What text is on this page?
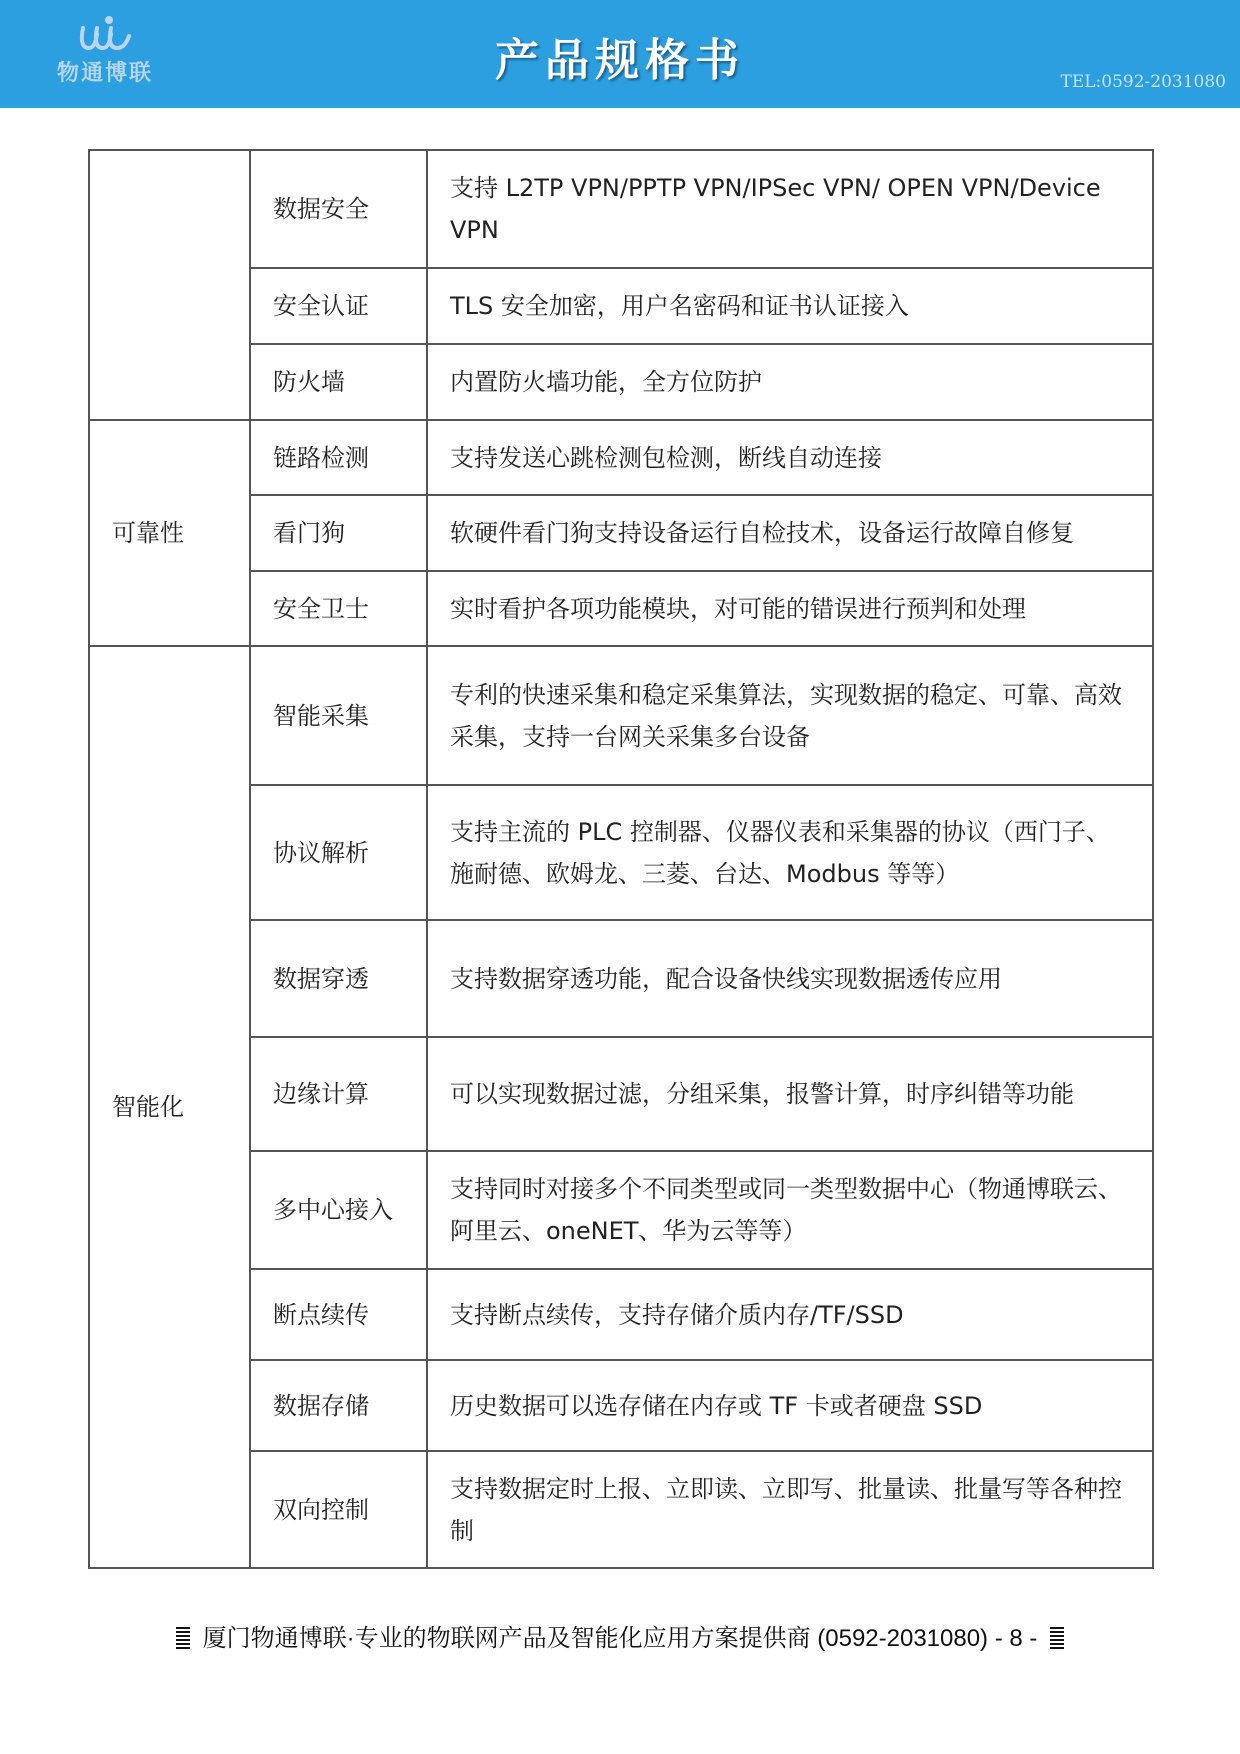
物通博联	产品规格书	TEL:0592-2031080
	数据安全	支持 L2TP VPN/PPTP VPN/IPSec VPN/ OPEN VPN/Device VPN
	安全认证	TLS 安全加密，用户名密码和证书认证接入
	防火墙	内置防火墙功能，全方位防护
可靠性	链路检测	支持发送心跳检测包检测，断线自动连接
	看门狗	软硬件看门狗支持设备运行自检技术，设备运行故障自修复
	安全卫士	实时看护各项功能模块，对可能的错误进行预判和处理
智能化	智能采集	专利的快速采集和稳定采集算法，实现数据的稳定、可靠、高效采集，支持一台网关采集多台设备
	协议解析	支持主流的 PLC 控制器、仪器仪表和采集器的协议（西门子、施耐德、欧姆龙、三菱、台达、Modbus 等等）
	数据穿透	支持数据穿透功能，配合设备快线实现数据透传应用
	边缘计算	可以实现数据过滤，分组采集，报警计算，时序纠错等功能
	多中心接入	支持同时对接多个不同类型或同一类型数据中心（物通博联云、阿里云、oneNET、华为云等等）
	断点续传	支持断点续传，支持存储介质内存/TF/SSD
	数据存储	历史数据可以选存储在内存或 TF 卡或者硬盘 SSD
	双向控制	支持数据定时上报、立即读、立即写、批量读、批量写等各种控制
厦门物通博联·专业的物联网产品及智能化应用方案提供商 (0592-2031080) - 8 -
